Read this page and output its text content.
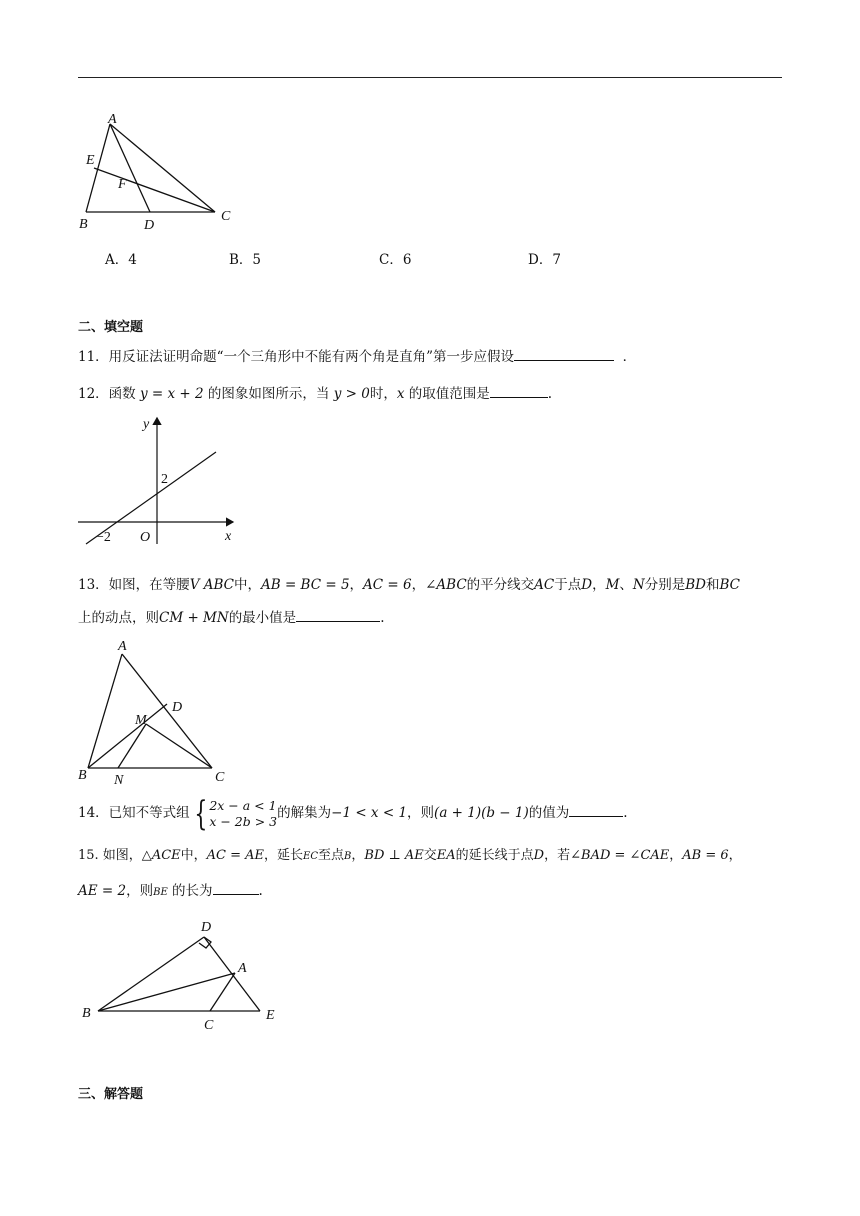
A
E
F
B	D
C
A．4	B．5	C．6	D．7
二、填空题
11．用反证法证明命题“一个三角形中不能有两个角是直角”第一步应假设	．
12．函数 y = x + 2 的图象如图所示，当 y > 0时，x 的取值范围是	.
y
2
−2 O	x
13．如图，在等腰V ABC中，AB = BC = 5，AC = 6，∠ABC的平分线交AC于点D，M、N分别是BD和BC
上的动点，则CM + MN的最小值是	.
A
D
M
B N	C
14．已知不等式组 { 2x − a < 1
x − 2b > 3的解集为−1 < x < 1，则(a + 1)(b − 1)的值为	.
15. 如图，△ACE中，AC = AE，延长EC至点B，BD ⊥ AE交EA的延长线于点D，若∠BAD = ∠CAE，AB = 6，
AE = 2，则BE 的长为	.
D
A
B
C
E
三、解答题
